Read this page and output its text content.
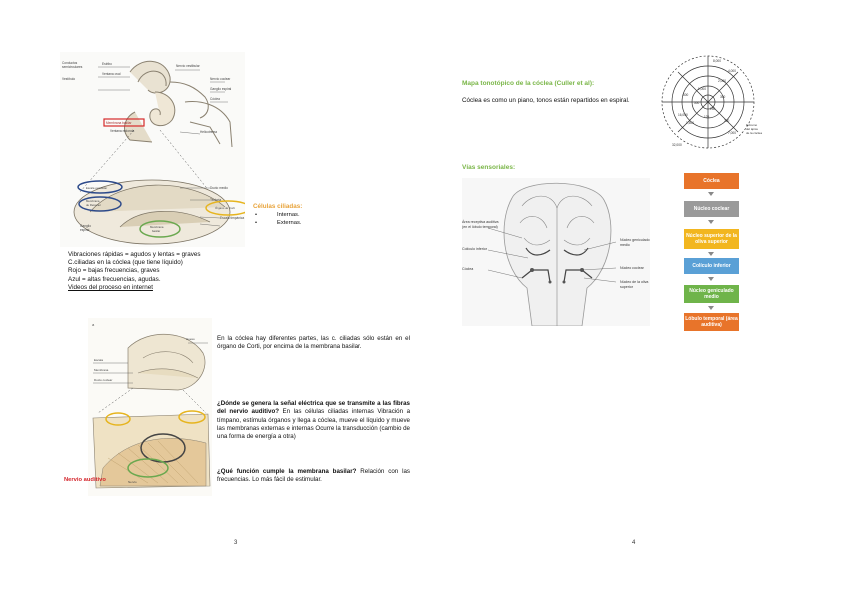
Conductos
semicirculares
Vestíbulo
Estribo
Ventana oval
Nervio vestibular
Nervio coclear
Ganglio espiral
Cóclea
Membrana basilar
Ventana redonda	Helicotrema
Escala vestibular
Membrana
de Reissner
Ducto medio
Tectoria
Órgano de Corti
Escala timpánica
Membrana
basilar
Ganglio
espiral
Células ciliadas:
• Internas.
• Externas.
Vibraciones rápidas = agudos y lentas = graves
C.ciliadas en la cóclea (que tiene líquido)
Rojo = bajas frecuencias, graves
Azul = altas frecuencias, agudas.
Videos del proceso en internet
a
Escala
Membrana
Ducto coclear
Hueso
Nervio
Nervio auditivo
En la cóclea hay diferentes partes, las c. ciliadas sólo están en el órgano de Corti, por encima de la membrana basilar.
¿Dónde se genera la señal eléctrica que se transmite a las fibras del nervio auditivo? En las células ciliadas internas Vibración a tímpano, estímula órganos y llega a cóclea, mueve el líquido y mueve las membranas externas e internas Ocurre la transducción (cambio de una forma de energía a otra)
¿Qué función cumple la membrana basilar? Relación con las frecuencias. Lo más fácil de estimular.
3
Mapa tonotópico de la cóclea (Culler et al):
Cóclea es como un piano, tonos están repartidos en espiral.
8,000
4,000
2,000
1,000
500
250
125
16,000
32,000
600	300
1,500	200
7,000
Extremo
del ápice
de la cóclea
Vías sensoriales:
Área receptiva auditiva (en el lóbulo temporal)
Colículo inferior
Cóclea
Núcleo geniculado medio
Núcleo coclear
Núcleo de la oliva superior
Cóclea
Núcleo coclear
Núcleo superior de la oliva superior
Colículo inferior
Núcleo geniculado medio
Lóbulo temporal (área auditiva)
4
